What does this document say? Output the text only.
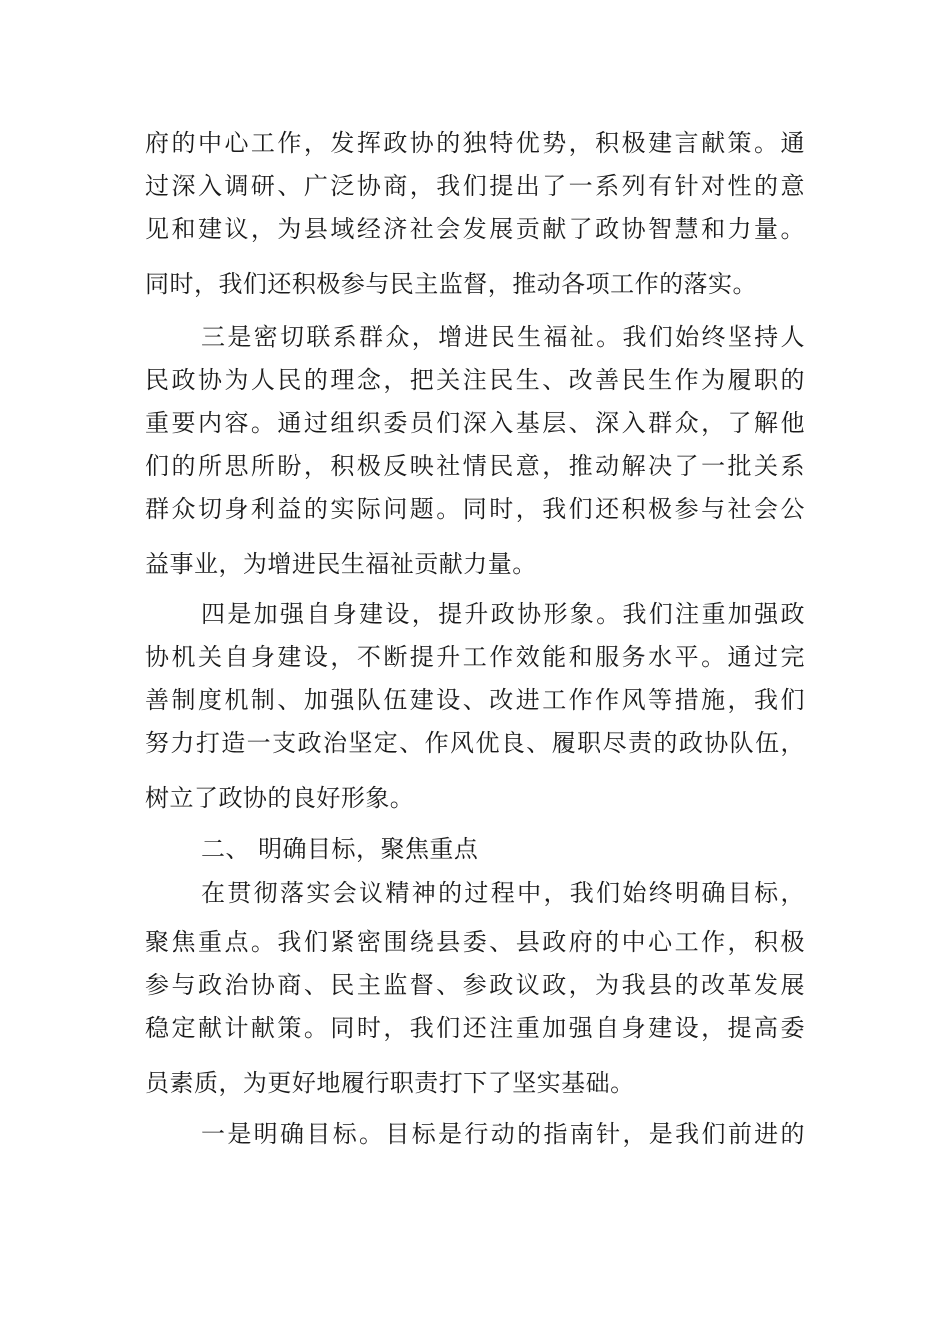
府的中心工作，发挥政协的独特优势，积极建言献策。通
过深入调研、广泛协商，我们提出了一系列有针对性的意
见和建议，为县域经济社会发展贡献了政协智慧和力量。
同时，我们还积极参与民主监督，推动各项工作的落实。
三是密切联系群众，增进民生福祉。我们始终坚持人
民政协为人民的理念，把关注民生、改善民生作为履职的
重要内容。通过组织委员们深入基层、深入群众，了解他
们的所思所盼，积极反映社情民意，推动解决了一批关系
群众切身利益的实际问题。同时，我们还积极参与社会公
益事业，为增进民生福祉贡献力量。
四是加强自身建设，提升政协形象。我们注重加强政
协机关自身建设，不断提升工作效能和服务水平。通过完
善制度机制、加强队伍建设、改进工作作风等措施，我们
努力打造一支政治坚定、作风优良、履职尽责的政协队伍，
树立了政协的良好形象。
二、 明确目标，聚焦重点
在贯彻落实会议精神的过程中，我们始终明确目标，
聚焦重点。我们紧密围绕县委、县政府的中心工作，积极
参与政治协商、民主监督、参政议政，为我县的改革发展
稳定献计献策。同时，我们还注重加强自身建设，提高委
员素质，为更好地履行职责打下了坚实基础。
一是明确目标。目标是行动的指南针，是我们前进的
